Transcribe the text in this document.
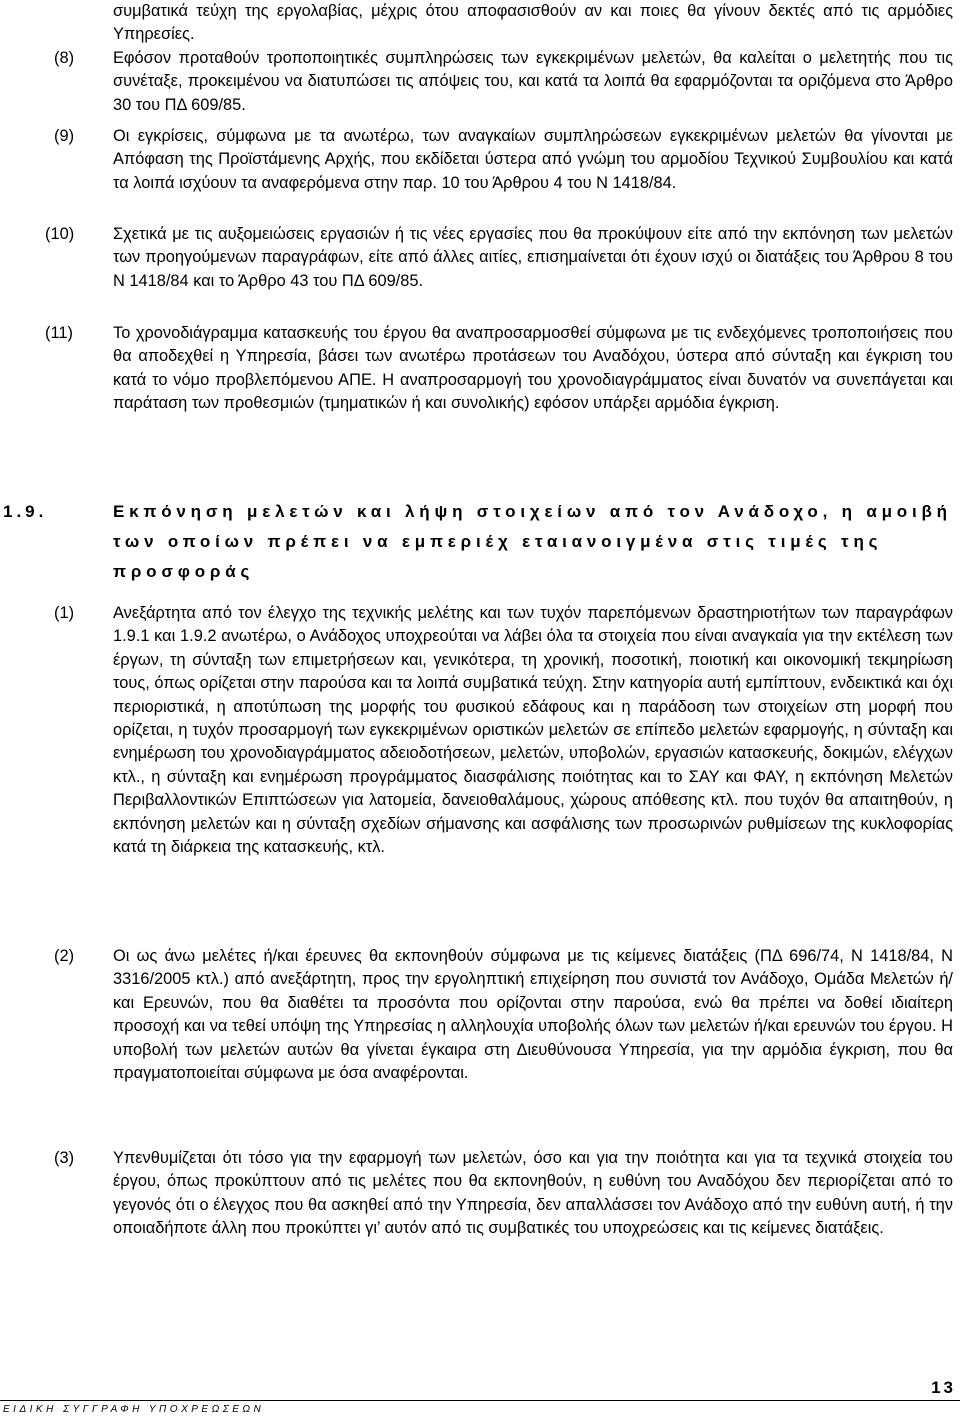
συμβατικά τεύχη της εργολαβίας, μέχρις ότου αποφασισθούν αν και ποιες θα γίνουν δεκτές από τις αρμόδιες Υπηρεσίες.

(8) Εφόσον προταθούν τροποποιητικές συμπληρώσεις των εγκεκριμένων μελετών, θα καλείται ο μελετητής που τις συνέταξε, προκειμένου να διατυπώσει τις απόψεις του, και κατά τα λοιπά θα εφαρμόζονται τα οριζόμενα στο Άρθρο 30 του ΠΔ 609/85.

(9) Οι εγκρίσεις, σύμφωνα με τα ανωτέρω, των αναγκαίων συμπληρώσεων εγκεκριμένων μελετών θα γίνονται με Απόφαση της Προϊστάμενης Αρχής, που εκδίδεται ύστερα από γνώμη του αρμοδίου Τεχνικού Συμβουλίου και κατά τα λοιπά ισχύουν τα αναφερόμενα στην παρ. 10 του Άρθρου 4 του Ν 1418/84.

(10) Σχετικά με τις αυξομειώσεις εργασιών ή τις νέες εργασίες που θα προκύψουν είτε από την εκπόνηση των μελετών των προηγούμενων παραγράφων, είτε από άλλες αιτίες, επισημαίνεται ότι έχουν ισχύ οι διατάξεις του Άρθρου 8 του Ν 1418/84 και το Άρθρο 43 του ΠΔ 609/85.

(11) Το χρονοδιάγραμμα κατασκευής του έργου θα αναπροσαρμοσθεί σύμφωνα με τις ενδεχόμενες τροποποιήσεις που θα αποδεχθεί η Υπηρεσία, βάσει των ανωτέρω προτάσεων του Αναδόχου, ύστερα από σύνταξη και έγκριση του κατά το νόμο προβλεπόμενου ΑΠΕ. Η αναπροσαρμογή του χρονοδιαγράμματος είναι δυνατόν να συνεπάγεται και παράταση των προθεσμιών (τμηματικών ή και συνολικής) εφόσον υπάρξει αρμόδια έγκριση.

1.9.	Εκπόνηση μελετών και λήψη στοιχείων από τον Ανάδοχο, η αμοιβή των οποίων πρέπει να εμπεριέχ εταιανοιγμένα στις τιμές της προσφοράς

(1) Ανεξάρτητα από τον έλεγχο της τεχνικής μελέτης και των τυχόν παρεπόμενων δραστηριοτήτων των παραγράφων 1.9.1 και 1.9.2 ανωτέρω, ο Ανάδοχος υποχρεούται να λάβει όλα τα στοιχεία που είναι αναγκαία για την εκτέλεση των έργων, τη σύνταξη των επιμετρήσεων και, γενικότερα, τη χρονική, ποσοτική, ποιοτική και οικονομική τεκμηρίωση τους, όπως ορίζεται στην παρούσα και τα λοιπά συμβατικά τεύχη. Στην κατηγορία αυτή εμπίπτουν, ενδεικτικά και όχι περιοριστικά, η αποτύπωση της μορφής του φυσικού εδάφους και η παράδοση των στοιχείων στη μορφή που ορίζεται, η τυχόν προσαρμογή των εγκεκριμένων οριστικών μελετών σε επίπεδο μελετών εφαρμογής, η σύνταξη και ενημέρωση του χρονοδιαγράμματος αδειοδοτήσεων, μελετών, υποβολών, εργασιών κατασκευής, δοκιμών, ελέγχων κτλ., η σύνταξη και ενημέρωση προγράμματος διασφάλισης ποιότητας και το ΣΑΥ και ΦΑΥ, η εκπόνηση Μελετών Περιβαλλοντικών Επιπτώσεων για λατομεία, δανειοθαλάμους, χώρους απόθεσης κτλ. που τυχόν θα απαιτηθούν, η εκπόνηση μελετών και η σύνταξη σχεδίων σήμανσης και ασφάλισης των προσωρινών ρυθμίσεων της κυκλοφορίας κατά τη διάρκεια της κατασκευής, κτλ.

(2) Οι ως άνω μελέτες ή/και έρευνες θα εκπονηθούν σύμφωνα με τις κείμενες διατάξεις (ΠΔ 696/74, Ν 1418/84, Ν 3316/2005 κτλ.) από ανεξάρτητη, προς την εργοληπτική επιχείρηση που συνιστά τον Ανάδοχο, Ομάδα Μελετών ή/και Ερευνών, που θα διαθέτει τα προσόντα που ορίζονται στην παρούσα, ενώ θα πρέπει να δοθεί ιδιαίτερη προσοχή και να τεθεί υπόψη της Υπηρεσίας η αλληλουχία υποβολής όλων των μελετών ή/και ερευνών του έργου. Η υποβολή των μελετών αυτών θα γίνεται έγκαιρα στη Διευθύνουσα Υπηρεσία, για την αρμόδια έγκριση, που θα πραγματοποιείται σύμφωνα με όσα αναφέρονται.

(3) Υπενθυμίζεται ότι τόσο για την εφαρμογή των μελετών, όσο και για την ποιότητα και για τα τεχνικά στοιχεία του έργου, όπως προκύπτουν από τις μελέτες που θα εκπονηθούν, η ευθύνη του Αναδόχου δεν περιορίζεται από το γεγονός ότι ο έλεγχος που θα ασκηθεί από την Υπηρεσία, δεν απαλλάσσει τον Ανάδοχο από την ευθύνη αυτή, ή την οποιαδήποτε άλλη που προκύπτει γι’ αυτόν από τις συμβατικές του υποχρεώσεις και τις κείμενες διατάξεις.

13

ΕΙΔΙΚΗ ΣΥΓΓΡΑΦΗ ΥΠΟΧΡΕΩΣΕΩΝ
